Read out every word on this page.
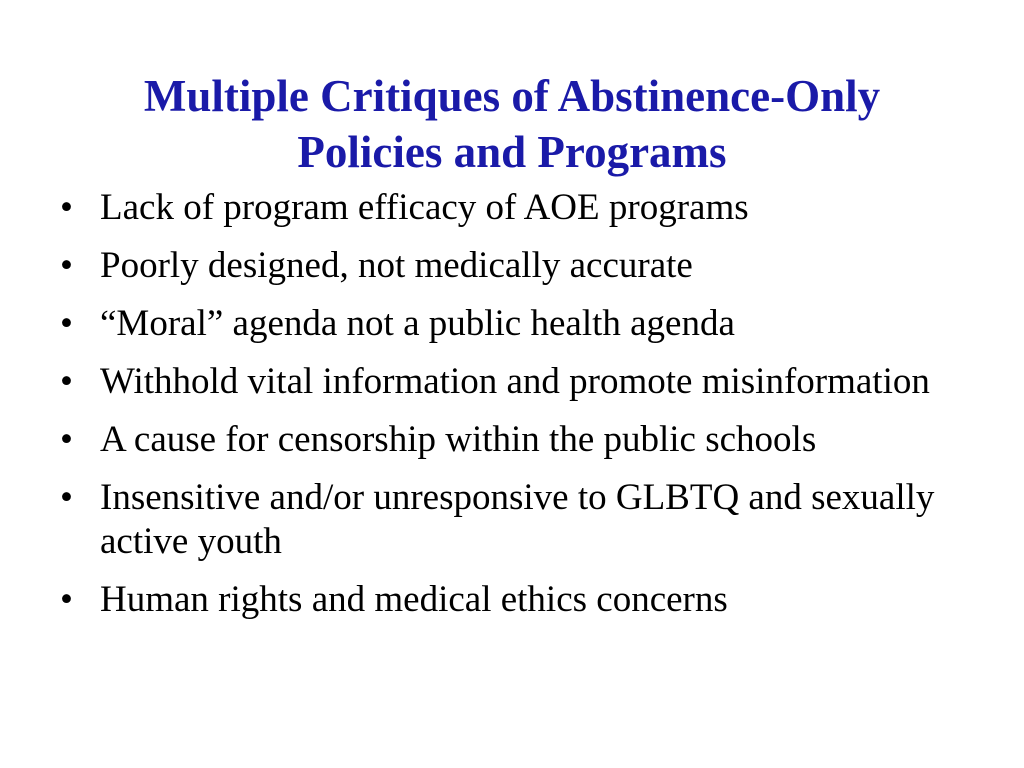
Multiple Critiques of Abstinence-Only
Policies and Programs
• Lack of program efficacy of AOE programs
• Poorly designed, not medically accurate
• “Moral” agenda not a public health agenda
• Withhold vital information and promote misinformation
• A cause for censorship within the public schools
• Insensitive and/or unresponsive to GLBTQ and sexually active youth
• Human rights and medical ethics concerns
